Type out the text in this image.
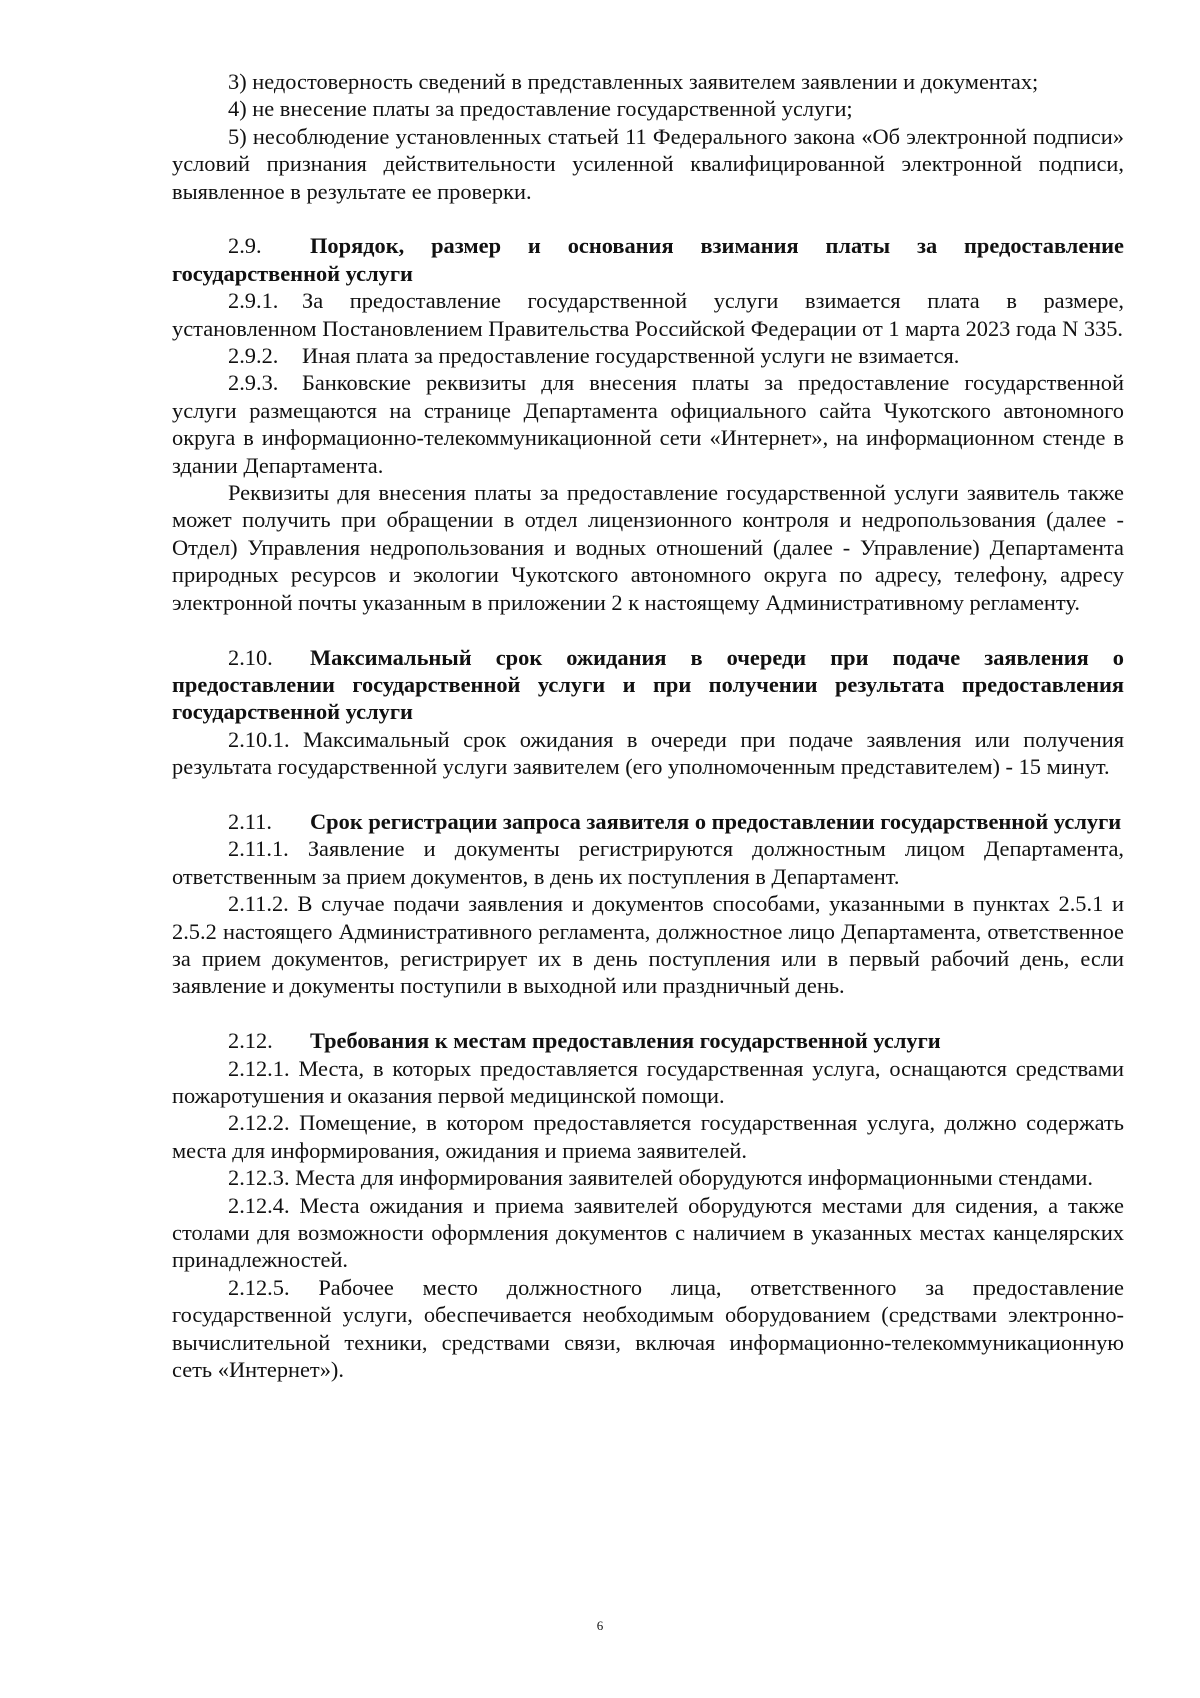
3) недостоверность сведений в представленных заявителем заявлении и документах;

4) не внесение платы за предоставление государственной услуги;

5) несоблюдение установленных статьей 11 Федерального закона «Об электронной подписи» условий признания действительности усиленной квалифицированной электронной подписи, выявленное в результате ее проверки.

2.9. Порядок, размер и основания взимания платы за предоставление государственной услуги

2.9.1. За предоставление государственной услуги взимается плата в размере, установленном Постановлением Правительства Российской Федерации от 1 марта 2023 года N 335.

2.9.2. Иная плата за предоставление государственной услуги не взимается.

2.9.3. Банковские реквизиты для внесения платы за предоставление государственной услуги размещаются на странице Департамента официального сайта Чукотского автономного округа в информационно-телекоммуникационной сети «Интернет», на информационном стенде в здании Департамента.

Реквизиты для внесения платы за предоставление государственной услуги заявитель также может получить при обращении в отдел лицензионного контроля и недропользования (далее - Отдел) Управления недропользования и водных отношений (далее - Управление) Департамента природных ресурсов и экологии Чукотского автономного округа по адресу, телефону, адресу электронной почты указанным в приложении 2 к настоящему Административному регламенту.

2.10. Максимальный срок ожидания в очереди при подаче заявления о предоставлении государственной услуги и при получении результата предоставления государственной услуги

2.10.1. Максимальный срок ожидания в очереди при подаче заявления или получения результата государственной услуги заявителем (его уполномоченным представителем) - 15 минут.

2.11. Срок регистрации запроса заявителя о предоставлении государственной услуги

2.11.1. Заявление и документы регистрируются должностным лицом Департамента, ответственным за прием документов, в день их поступления в Департамент.

2.11.2. В случае подачи заявления и документов способами, указанными в пунктах 2.5.1 и 2.5.2 настоящего Административного регламента, должностное лицо Департамента, ответственное за прием документов, регистрирует их в день поступления или в первый рабочий день, если заявление и документы поступили в выходной или праздничный день.

2.12. Требования к местам предоставления государственной услуги

2.12.1. Места, в которых предоставляется государственная услуга, оснащаются средствами пожаротушения и оказания первой медицинской помощи.

2.12.2. Помещение, в котором предоставляется государственная услуга, должно содержать места для информирования, ожидания и приема заявителей.

2.12.3. Места для информирования заявителей оборудуются информационными стендами.

2.12.4. Места ожидания и приема заявителей оборудуются местами для сидения, а также столами для возможности оформления документов с наличием в указанных местах канцелярских принадлежностей.

2.12.5. Рабочее место должностного лица, ответственного за предоставление государственной услуги, обеспечивается необходимым оборудованием (средствами электронно-вычислительной техники, средствами связи, включая информационно-телекоммуникационную сеть «Интернет»).

6
